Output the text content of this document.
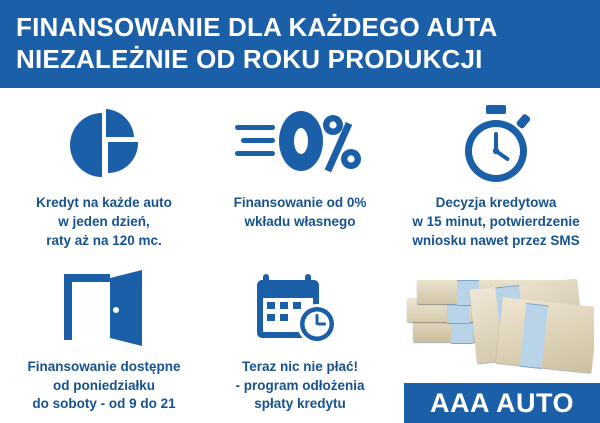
FINANSOWANIE DLA KAŻDEGO AUTA
NIEZALEŻNIE OD ROKU PRODUKCJI
Kredyt na każde auto
w jeden dzień,
raty aż na 120 mc.
Finansowanie od 0%
wkładu własnego
Decyzja kredytowa
w 15 minut, potwierdzenie
wniosku nawet przez SMS
Finansowanie dostępne
od poniedziałku
do soboty - od 9 do 21
Teraz nic nie płać!
- program odłożenia
spłaty kredytu	AAA AUTO
